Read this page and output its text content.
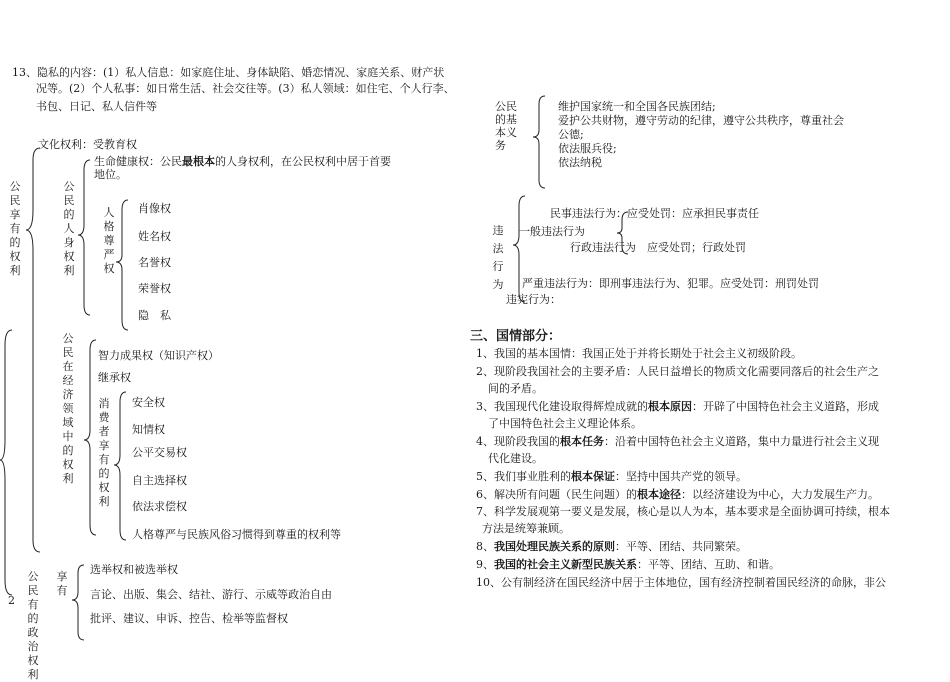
13、隐私的内容：(1）私人信息：如家庭住址、身体缺陷、婚恋情况、家庭关系、财产状
况等。(2）个人私事：如日常生活、社会交往等。(3）私人领域：如住宅、个人行李、
书包、日记、私人信件等
公民享有的权利
文化权利：受教育权
公民的人身权利
生命健康权：公民最根本的人身权利，在公民权利中居于首要
地位。
人格尊严权
肖像权
姓名权
名誉权
荣誉权
隐　私
公民在经济领域中的权利
智力成果权（知识产权）
继承权
消费者享有的权利
安全权
知情权
公平交易权
自主选择权
依法求偿权
人格尊严与民族风俗习惯得到尊重的权利等
公民有的政治权利
享有
选举权和被选举权
言论、出版、集会、结社、游行、示威等政治自由
批评、建议、申诉、控告、检举等监督权
2
公民的基本义务
维护国家统一和全国各民族团结;
爱护公共财物，遵守劳动的纪律，遵守公共秩序，尊重社会
公德;
依法服兵役;
依法纳税
违法行为
民事违法行为：应受处罚：应承担民事责任
一般违法行为
行政违法行为　应受处罚；行政处罚
严重违法行为：即刑事违法行为、犯罪。应受处罚：刑罚处罚
违宪行为：
三、国情部分：
1、我国的基本国情：我国正处于并将长期处于社会主义初级阶段。
2、现阶段我国社会的主要矛盾：人民日益增长的物质文化需要同落后的社会生产之
间的矛盾。
3、我国现代化建设取得辉煌成就的根本原因：开辟了中国特色社会主义道路，形成
了中国特色社会主义理论体系。
4、现阶段我国的根本任务：沿着中国特色社会主义道路，集中力量进行社会主义现
代化建设。
5、我们事业胜利的根本保证：坚持中国共产党的领导。
6、解决所有问题（民生问题）的根本途径：以经济建设为中心，大力发展生产力。
7、科学发展观第一要义是发展，核心是以人为本，基本要求是全面协调可持续，根本
方法是统筹兼顾。
8、我国处理民族关系的原则：平等、团结、共同繁荣。
9、我国的社会主义新型民族关系：平等、团结、互助、和谐。
10、公有制经济在国民经济中居于主体地位，国有经济控制着国民经济的命脉，非公
